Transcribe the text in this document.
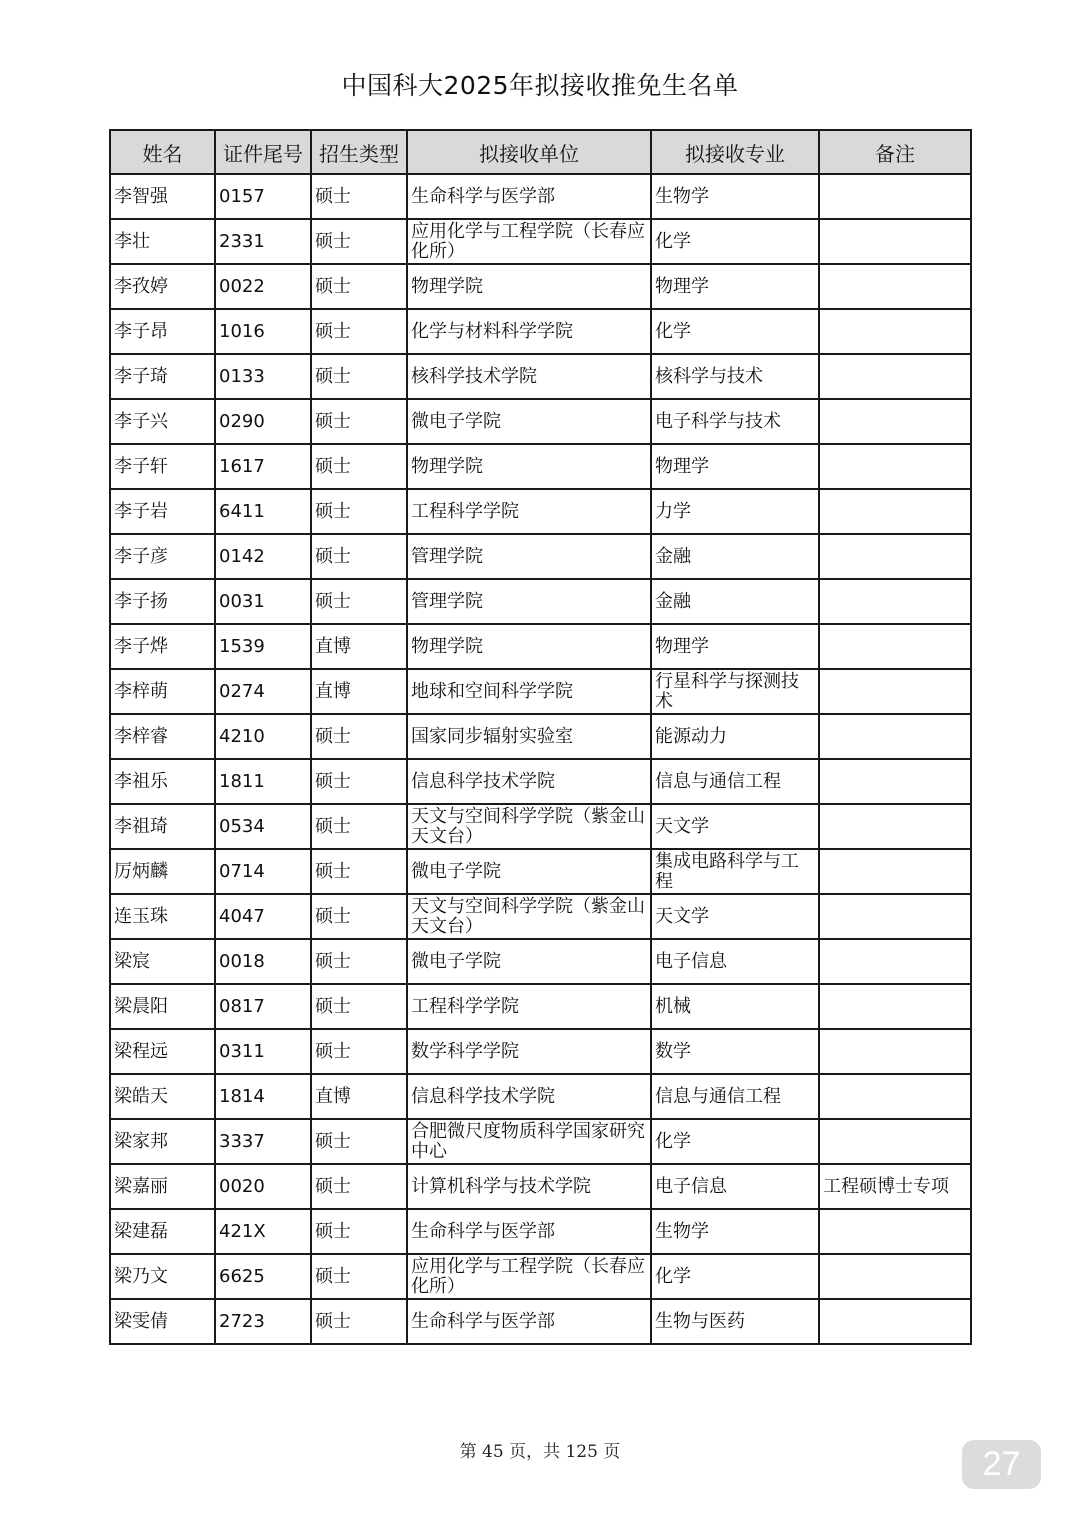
中国科大2025年拟接收推免生名单
姓名	证件尾号	招生类型	拟接收单位	拟接收专业	备注
李智强	0157	硕士	生命科学与医学部	生物学	
李壮	2331	硕士	应用化学与工程学院（长春应化所）	化学	
李孜婷	0022	硕士	物理学院	物理学	
李子昂	1016	硕士	化学与材料科学学院	化学	
李子琦	0133	硕士	核科学技术学院	核科学与技术	
李子兴	0290	硕士	微电子学院	电子科学与技术	
李子轩	1617	硕士	物理学院	物理学	
李子岩	6411	硕士	工程科学学院	力学	
李子彦	0142	硕士	管理学院	金融	
李子扬	0031	硕士	管理学院	金融	
李子烨	1539	直博	物理学院	物理学	
李梓萌	0274	直博	地球和空间科学学院	行星科学与探测技术	
李梓睿	4210	硕士	国家同步辐射实验室	能源动力	
李祖乐	1811	硕士	信息科学技术学院	信息与通信工程	
李祖琦	0534	硕士	天文与空间科学学院（紫金山天文台）	天文学	
厉炳麟	0714	硕士	微电子学院	集成电路科学与工程	
连玉珠	4047	硕士	天文与空间科学学院（紫金山天文台）	天文学	
梁宸	0018	硕士	微电子学院	电子信息	
梁晨阳	0817	硕士	工程科学学院	机械	
梁程远	0311	硕士	数学科学学院	数学	
梁皓天	1814	直博	信息科学技术学院	信息与通信工程	
梁家邦	3337	硕士	合肥微尺度物质科学国家研究中心	化学	
梁嘉丽	0020	硕士	计算机科学与技术学院	电子信息	工程硕博士专项
梁建磊	421X	硕士	生命科学与医学部	生物学	
梁乃文	6625	硕士	应用化学与工程学院（长春应化所）	化学	
梁雯倩	2723	硕士	生命科学与医学部	生物与医药	
第 45 页，共 125 页	27
